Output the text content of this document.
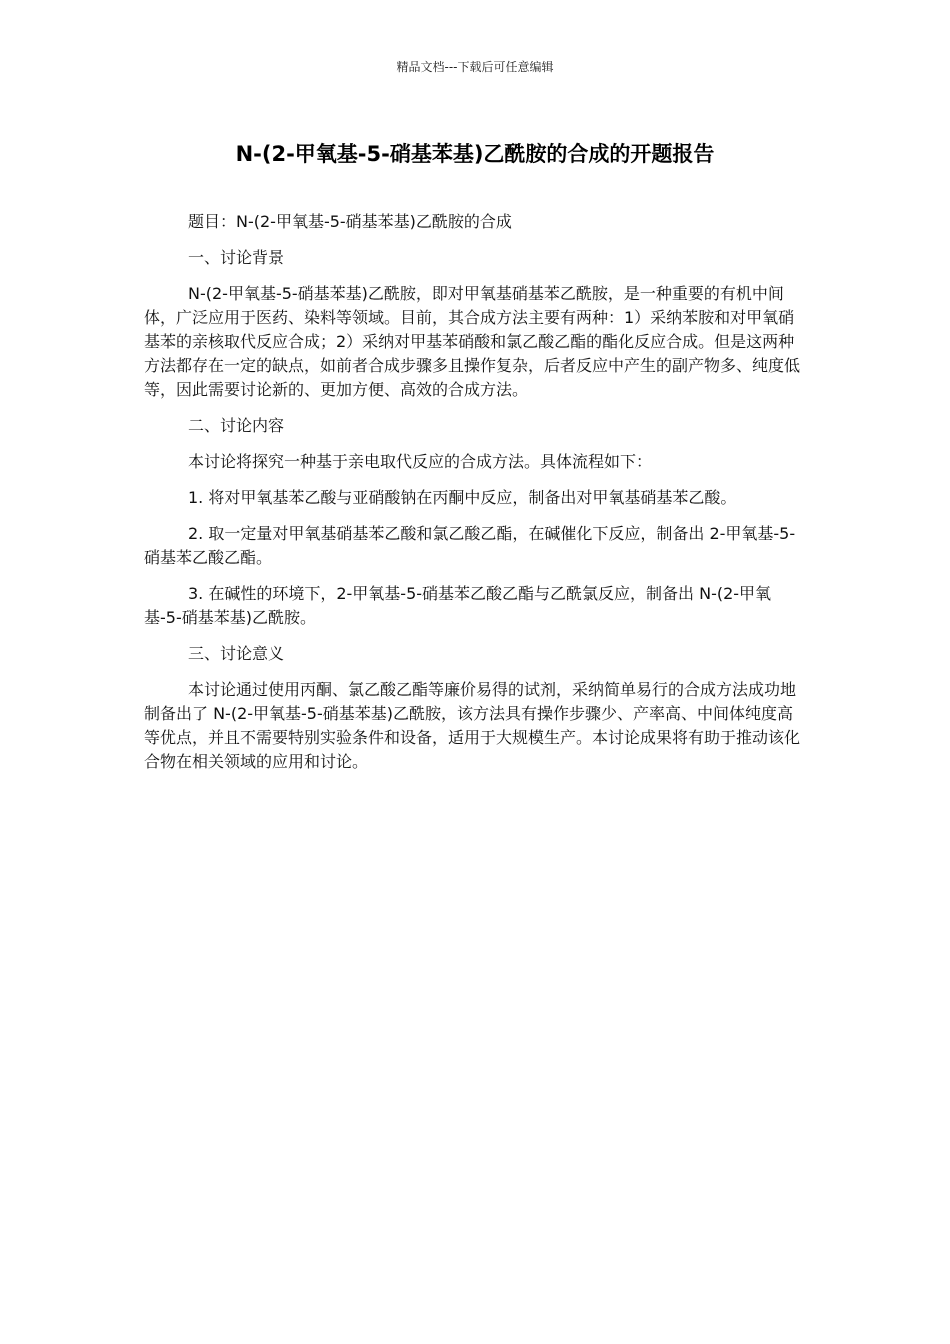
精品文档---下载后可任意编辑
N-(2-甲氧基-5-硝基苯基)乙酰胺的合成的开题报告

题目：N-(2-甲氧基-5-硝基苯基)乙酰胺的合成

一、讨论背景

N-(2-甲氧基-5-硝基苯基)乙酰胺，即对甲氧基硝基苯乙酰胺，是一种重要的有机中间体，广泛应用于医药、染料等领域。目前，其合成方法主要有两种：1）采纳苯胺和对甲氧硝基苯的亲核取代反应合成；2）采纳对甲基苯硝酸和氯乙酸乙酯的酯化反应合成。但是这两种方法都存在一定的缺点，如前者合成步骤多且操作复杂，后者反应中产生的副产物多、纯度低等，因此需要讨论新的、更加方便、高效的合成方法。

二、讨论内容

本讨论将探究一种基于亲电取代反应的合成方法。具体流程如下：

1. 将对甲氧基苯乙酸与亚硝酸钠在丙酮中反应，制备出对甲氧基硝基苯乙酸。

2. 取一定量对甲氧基硝基苯乙酸和氯乙酸乙酯，在碱催化下反应，制备出 2-甲氧基-5-硝基苯乙酸乙酯。

3. 在碱性的环境下，2-甲氧基-5-硝基苯乙酸乙酯与乙酰氯反应，制备出 N-(2-甲氧基-5-硝基苯基)乙酰胺。

三、讨论意义

本讨论通过使用丙酮、氯乙酸乙酯等廉价易得的试剂，采纳简单易行的合成方法成功地制备出了 N-(2-甲氧基-5-硝基苯基)乙酰胺，该方法具有操作步骤少、产率高、中间体纯度高等优点，并且不需要特别实验条件和设备，适用于大规模生产。本讨论成果将有助于推动该化合物在相关领域的应用和讨论。
